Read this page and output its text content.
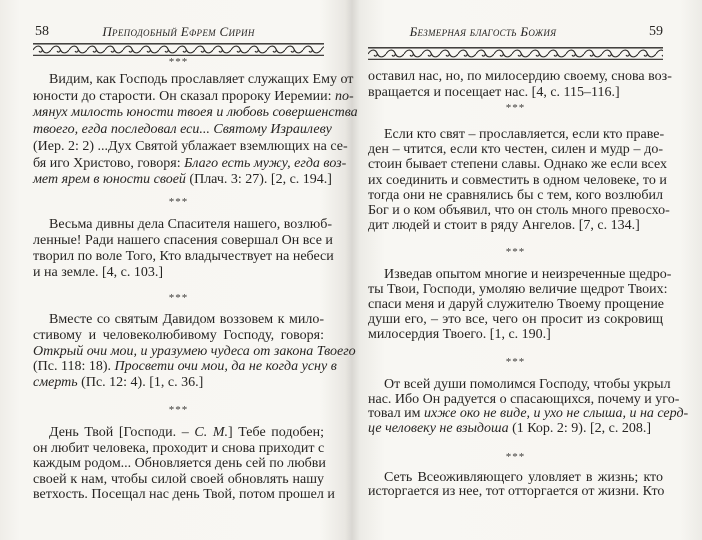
58	Преподобный Ефрем Сирин
***
Видим, как Господь прославляет служащих Ему от
юности до старости. Он сказал пророку Иеремии: по-
мянух милость юности твоея и любовь совершенства
твоего, егда последовал еси... Святому Израилеву
(Иер. 2: 2) ...Дух Святой ублажает вземлющих на се-
бя иго Христово, говоря: Благо есть мужу, егда воз-
мет ярем в юности своей (Плач. 3: 27). [2, с. 194.]
***
Весьма дивны дела Спасителя нашего, возлюб-
ленные! Ради нашего спасения совершал Он все и
творил по воле Того, Кто владычествует на небеси
и на земле. [4, с. 103.]
***
Вместе со святым Давидом воззовем к мило-
стивому и человеколюбивому Господу, говоря:
Открый очи мои, и уразумею чудеса от закона Твоего
(Пс. 118: 18). Просвети очи мои, да не когда усну в
смерть (Пс. 12: 4). [1, с. 36.]
***
День Твой [Господи. – С. М.] Тебе подобен;
он любит человека, проходит и снова приходит с
каждым родом... Обновляется день сей по любви
своей к нам, чтобы силой своей обновлять нашу
ветхость. Посещал нас день Твой, потом прошел и
59
Безмерная благость Божия
оставил нас, но, по милосердию своему, снова воз-
вращается и посещает нас. [4, с. 115–116.]
***
Если кто свят – прославляется, если кто праве-
ден – чтится, если кто честен, силен и мудр – до-
стоин бывает степени славы. Однако же если всех
их соединить и совместить в одном человеке, то и
тогда они не сравнялись бы с тем, кого возлюбил
Бог и о ком объявил, что он столь много превосхо-
дит людей и стоит в ряду Ангелов. [7, с. 134.]
***
Изведав опытом многие и неизреченные щедро-
ты Твои, Господи, умоляю величие щедрот Твоих:
спаси меня и даруй служителю Твоему прощение
души его, – это все, чего он просит из сокровищ
милосердия Твоего. [1, с. 190.]
***
От всей души помолимся Господу, чтобы укрыл
нас. Ибо Он радуется о спасающихся, почему и уго-
товал им ихже око не виде, и ухо не слыша, и на серд-
це человеку не взыдоша (1 Кор. 2: 9). [2, с. 208.]
***
Сеть Всеоживляющего уловляет в жизнь; кто
исторгается из нее, тот отторгается от жизни. Кто
